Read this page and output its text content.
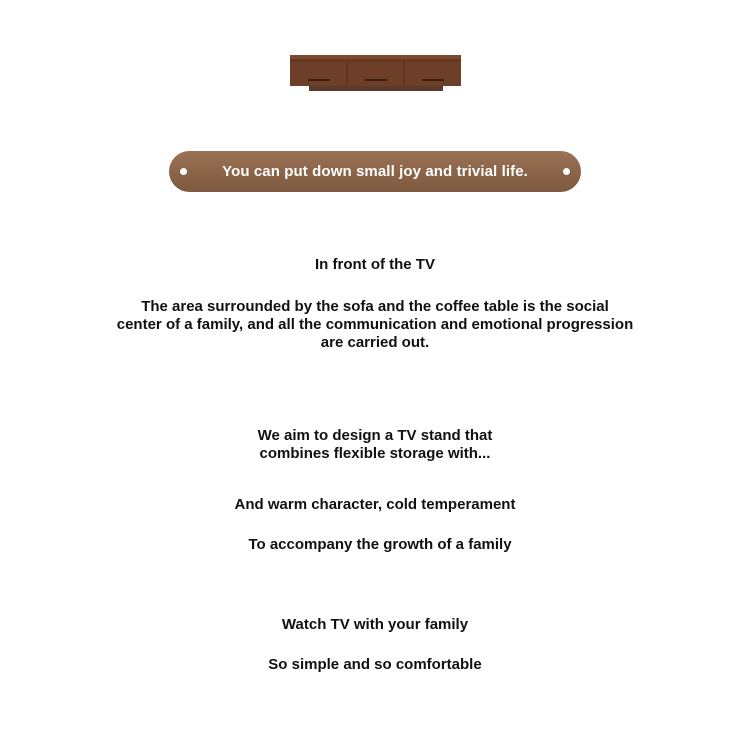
You can put down small joy and trivial life.
In front of the TV
The area surrounded by the sofa and the coffee table is the social
center of a family, and all the communication and emotional progression
are carried out.
We aim to design a TV stand that
combines flexible storage with...
And warm character, cold temperament
To accompany the growth of a family
Watch TV with your family
So simple and so comfortable
